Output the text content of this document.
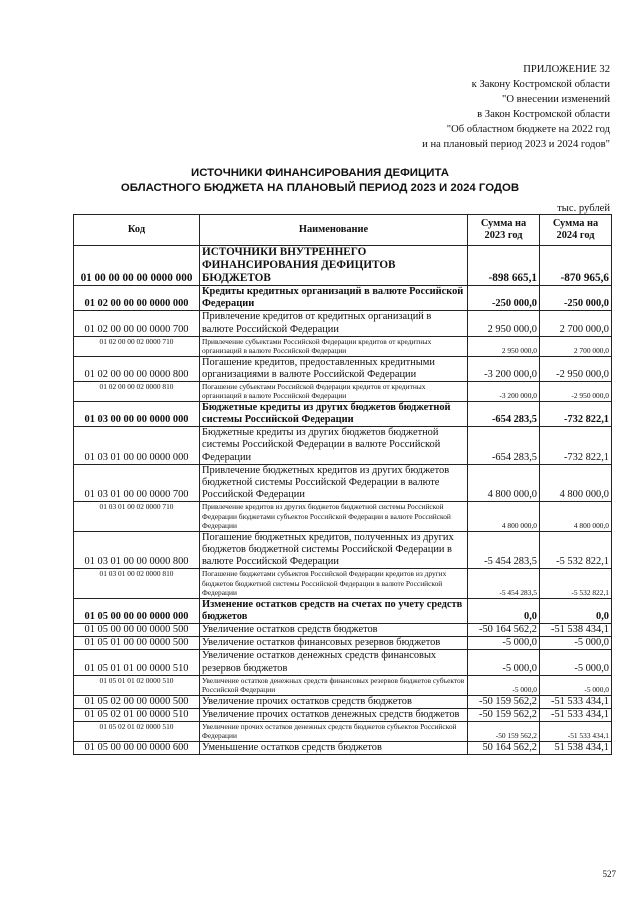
ПРИЛОЖЕНИЕ 32
к Закону Костромской области
"О внесении изменений
в Закон Костромской области
"Об областном бюджете на 2022 год
и на плановый период 2023 и 2024 годов"
ИСТОЧНИКИ ФИНАНСИРОВАНИЯ ДЕФИЦИТА
ОБЛАСТНОГО БЮДЖЕТА НА ПЛАНОВЫЙ ПЕРИОД 2023 И 2024 ГОДОВ
тыс. рублей
Код	Наименование	Сумма на 2023 год	Сумма на 2024 год
01 00 00 00 00 0000 000	ИСТОЧНИКИ ВНУТРЕННЕГО ФИНАНСИРОВАНИЯ ДЕФИЦИТОВ БЮДЖЕТОВ	-898 665,1	-870 965,6
01 02 00 00 00 0000 000	Кредиты кредитных организаций в валюте Российской Федерации	-250 000,0	-250 000,0
01 02 00 00 00 0000 700	Привлечение кредитов от кредитных организаций в валюте Российской Федерации	2 950 000,0	2 700 000,0
01 02 00 00 02 0000 710	Привлечение субъектами Российской Федерации кредитов от кредитных организаций в валюте Российской Федерации	2 950 000,0	2 700 000,0
01 02 00 00 00 0000 800	Погашение кредитов, предоставленных кредитными организациями в валюте Российской Федерации	-3 200 000,0	-2 950 000,0
01 02 00 00 02 0000 810	Погашение субъектами Российской Федерации кредитов от кредитных организаций в валюте Российской Федерации	-3 200 000,0	-2 950 000,0
01 03 00 00 00 0000 000	Бюджетные кредиты из других бюджетов бюджетной системы Российской Федерации	-654 283,5	-732 822,1
01 03 01 00 00 0000 000	Бюджетные кредиты из других бюджетов бюджетной системы Российской Федерации в валюте Российской Федерации	-654 283,5	-732 822,1
01 03 01 00 00 0000 700	Привлечение бюджетных кредитов из других бюджетов бюджетной системы Российской Федерации в валюте Российской Федерации	4 800 000,0	4 800 000,0
01 03 01 00 02 0000 710	Привлечение кредитов из других бюджетов бюджетной системы Российской Федерации бюджетами субъектов Российской Федерации в валюте Российской Федерации	4 800 000,0	4 800 000,0
01 03 01 00 00 0000 800	Погашение бюджетных кредитов, полученных из других бюджетов бюджетной системы Российской Федерации в валюте Российской Федерации	-5 454 283,5	-5 532 822,1
01 03 01 00 02 0000 810	Погашение бюджетами субъектов Российской Федерации кредитов из других бюджетов бюджетной системы Российской Федерации в валюте Российской Федерации	-5 454 283,5	-5 532 822,1
01 05 00 00 00 0000 000	Изменение остатков средств на счетах по учету средств бюджетов	0,0	0,0
01 05 00 00 00 0000 500	Увеличение остатков средств бюджетов	-50 164 562,2	-51 538 434,1
01 05 01 00 00 0000 500	Увеличение остатков финансовых резервов бюджетов	-5 000,0	-5 000,0
01 05 01 01 00 0000 510	Увеличение остатков денежных средств финансовых резервов бюджетов	-5 000,0	-5 000,0
01 05 01 01 02 0000 510	Увеличение остатков денежных средств финансовых резервов бюджетов субъектов Российской Федерации	-5 000,0	-5 000,0
01 05 02 00 00 0000 500	Увеличение прочих остатков средств бюджетов	-50 159 562,2	-51 533 434,1
01 05 02 01 00 0000 510	Увеличение прочих остатков денежных средств бюджетов	-50 159 562,2	-51 533 434,1
01 05 02 01 02 0000 510	Увеличение прочих остатков денежных средств бюджетов субъектов Российской Федерации	-50 159 562,2	-51 533 434,1
01 05 00 00 00 0000 600	Уменьшение остатков средств бюджетов	50 164 562,2	51 538 434,1
527
